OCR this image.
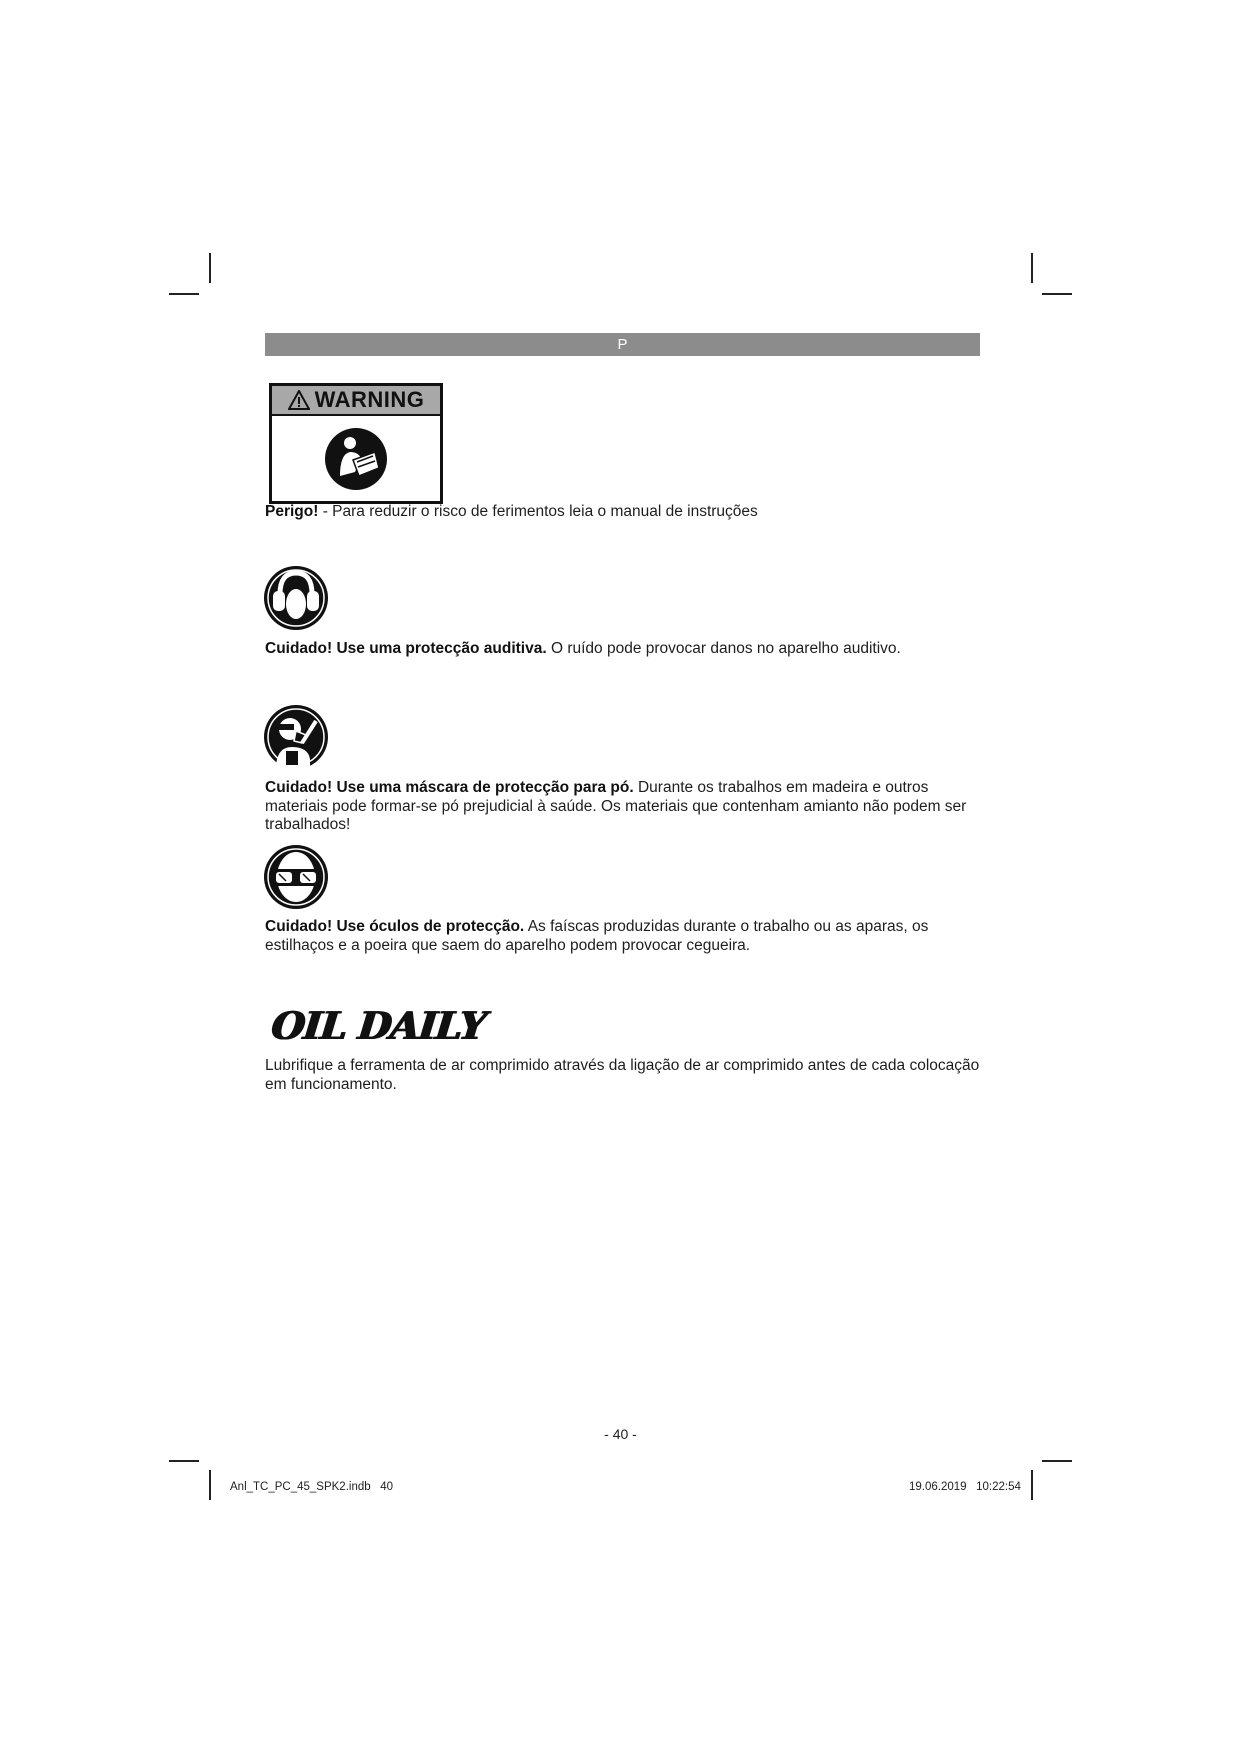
P
WARNING
Perigo! - Para reduzir o risco de ferimentos leia o manual de instruções
Cuidado! Use uma protecção auditiva. O ruído pode provocar danos no aparelho auditivo.
Cuidado! Use uma máscara de protecção para pó. Durante os trabalhos em madeira e outros materiais pode formar-se pó prejudicial à saúde. Os materiais que contenham amianto não podem ser trabalhados!
Cuidado! Use óculos de protecção. As faíscas produzidas durante o trabalho ou as aparas, os estilhaços e a poeira que saem do aparelho podem provocar cegueira.
OIL DAILY
Lubrifique a ferramenta de ar comprimido através da ligação de ar comprimido antes de cada colocação em funcionamento.
- 40 -
Anl_TC_PC_45_SPK2.indb   40	19.06.2019   10:22:54
